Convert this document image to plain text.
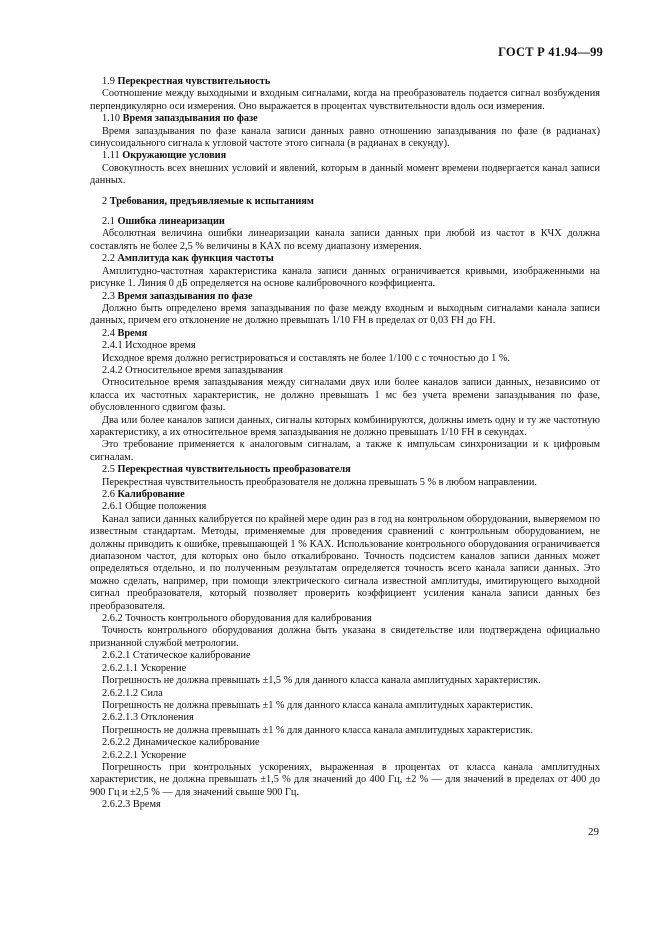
ГОСТ Р 41.94—99

1.9 Перекрестная чувствительность

Соотношение между выходными и входным сигналами, когда на преобразователь подается сигнал возбуждения перпендикулярно оси измерения. Оно выражается в процентах чувствительности вдоль оси измерения.

1.10 Время запаздывания по фазе

Время запаздывания по фазе канала записи данных равно отношению запаздывания по фазе (в радианах) синусоидального сигнала к угловой частоте этого сигнала (в радианах в секунду).

1.11 Окружающие условия

Совокупность всех внешних условий и явлений, которым в данный момент времени подвергается канал записи данных.

2 Требования, предъявляемые к испытаниям

2.1 Ошибка линеаризации

Абсолютная величина ошибки линеаризации канала записи данных при любой из частот в КЧХ должна составлять не более 2,5 % величины в КАХ по всему диапазону измерения.

2.2 Амплитуда как функция частоты

Амплитудно-частотная характеристика канала записи данных ограничивается кривыми, изображенными на рисунке 1. Линия 0 дБ определяется на основе калибровочного коэффициента.

2.3 Время запаздывания по фазе

Должно быть определено время запаздывания по фазе между входным и выходным сигналами канала записи данных, причем его отклонение не должно превышать 1/10 FH в пределах от 0,03 FH до FH.

2.4 Время

2.4.1 Исходное время

Исходное время должно регистрироваться и составлять не более 1/100 с с точностью до 1 %.

2.4.2 Относительное время запаздывания

Относительное время запаздывания между сигналами двух или более каналов записи данных, независимо от класса их частотных характеристик, не должно превышать 1 мс без учета времени запаздывания по фазе, обусловленного сдвигом фазы.

Два или более каналов записи данных, сигналы которых комбинируются, должны иметь одну и ту же частотную характеристику, а их относительное время запаздывания не должно превышать 1/10 FH в секундах.

Это требование применяется к аналоговым сигналам, а также к импульсам синхронизации и к цифровым сигналам.

2.5 Перекрестная чувствительность преобразователя

Перекрестная чувствительность преобразователя не должна превышать 5 % в любом направлении.

2.6 Калибрование

2.6.1 Общие положения

Канал записи данных калибруется по крайней мере один раз в год на контрольном оборудовании, выверяемом по известным стандартам. Методы, применяемые для проведения сравнений с контрольным оборудованием, не должны приводить к ошибке, превышающей 1 % КАХ. Использование контрольного оборудования ограничивается диапазоном частот, для которых оно было откалибровано. Точность подсистем каналов записи данных может определяться отдельно, и по полученным результатам определяется точность всего канала записи данных. Это можно сделать, например, при помощи электрического сигнала известной амплитуды, имитирующего выходной сигнал преобразователя, который позволяет проверить коэффициент усиления канала записи данных без преобразователя.

2.6.2 Точность контрольного оборудования для калибрования

Точность контрольного оборудования должна быть указана в свидетельстве или подтверждена официально признанной службой метрологии.

2.6.2.1 Статическое калибрование

2.6.2.1.1 Ускорение

Погрешность не должна превышать ±1,5 % для данного класса канала амплитудных характеристик.

2.6.2.1.2 Сила

Погрешность не должна превышать ±1 % для данного класса канала амплитудных характеристик.

2.6.2.1.3 Отклонения

Погрешность не должна превышать ±1 % для данного класса канала амплитудных характеристик.

2.6.2.2 Динамическое калибрование

2.6.2.2.1 Ускорение

Погрешность при контрольных ускорениях, выраженная в процентах от класса канала амплитудных характеристик, не должна превышать ±1,5 % для значений до 400 Гц, ±2 % — для значений в пределах от 400 до 900 Гц и ±2,5 % — для значений свыше 900 Гц.

2.6.2.3 Время

29
